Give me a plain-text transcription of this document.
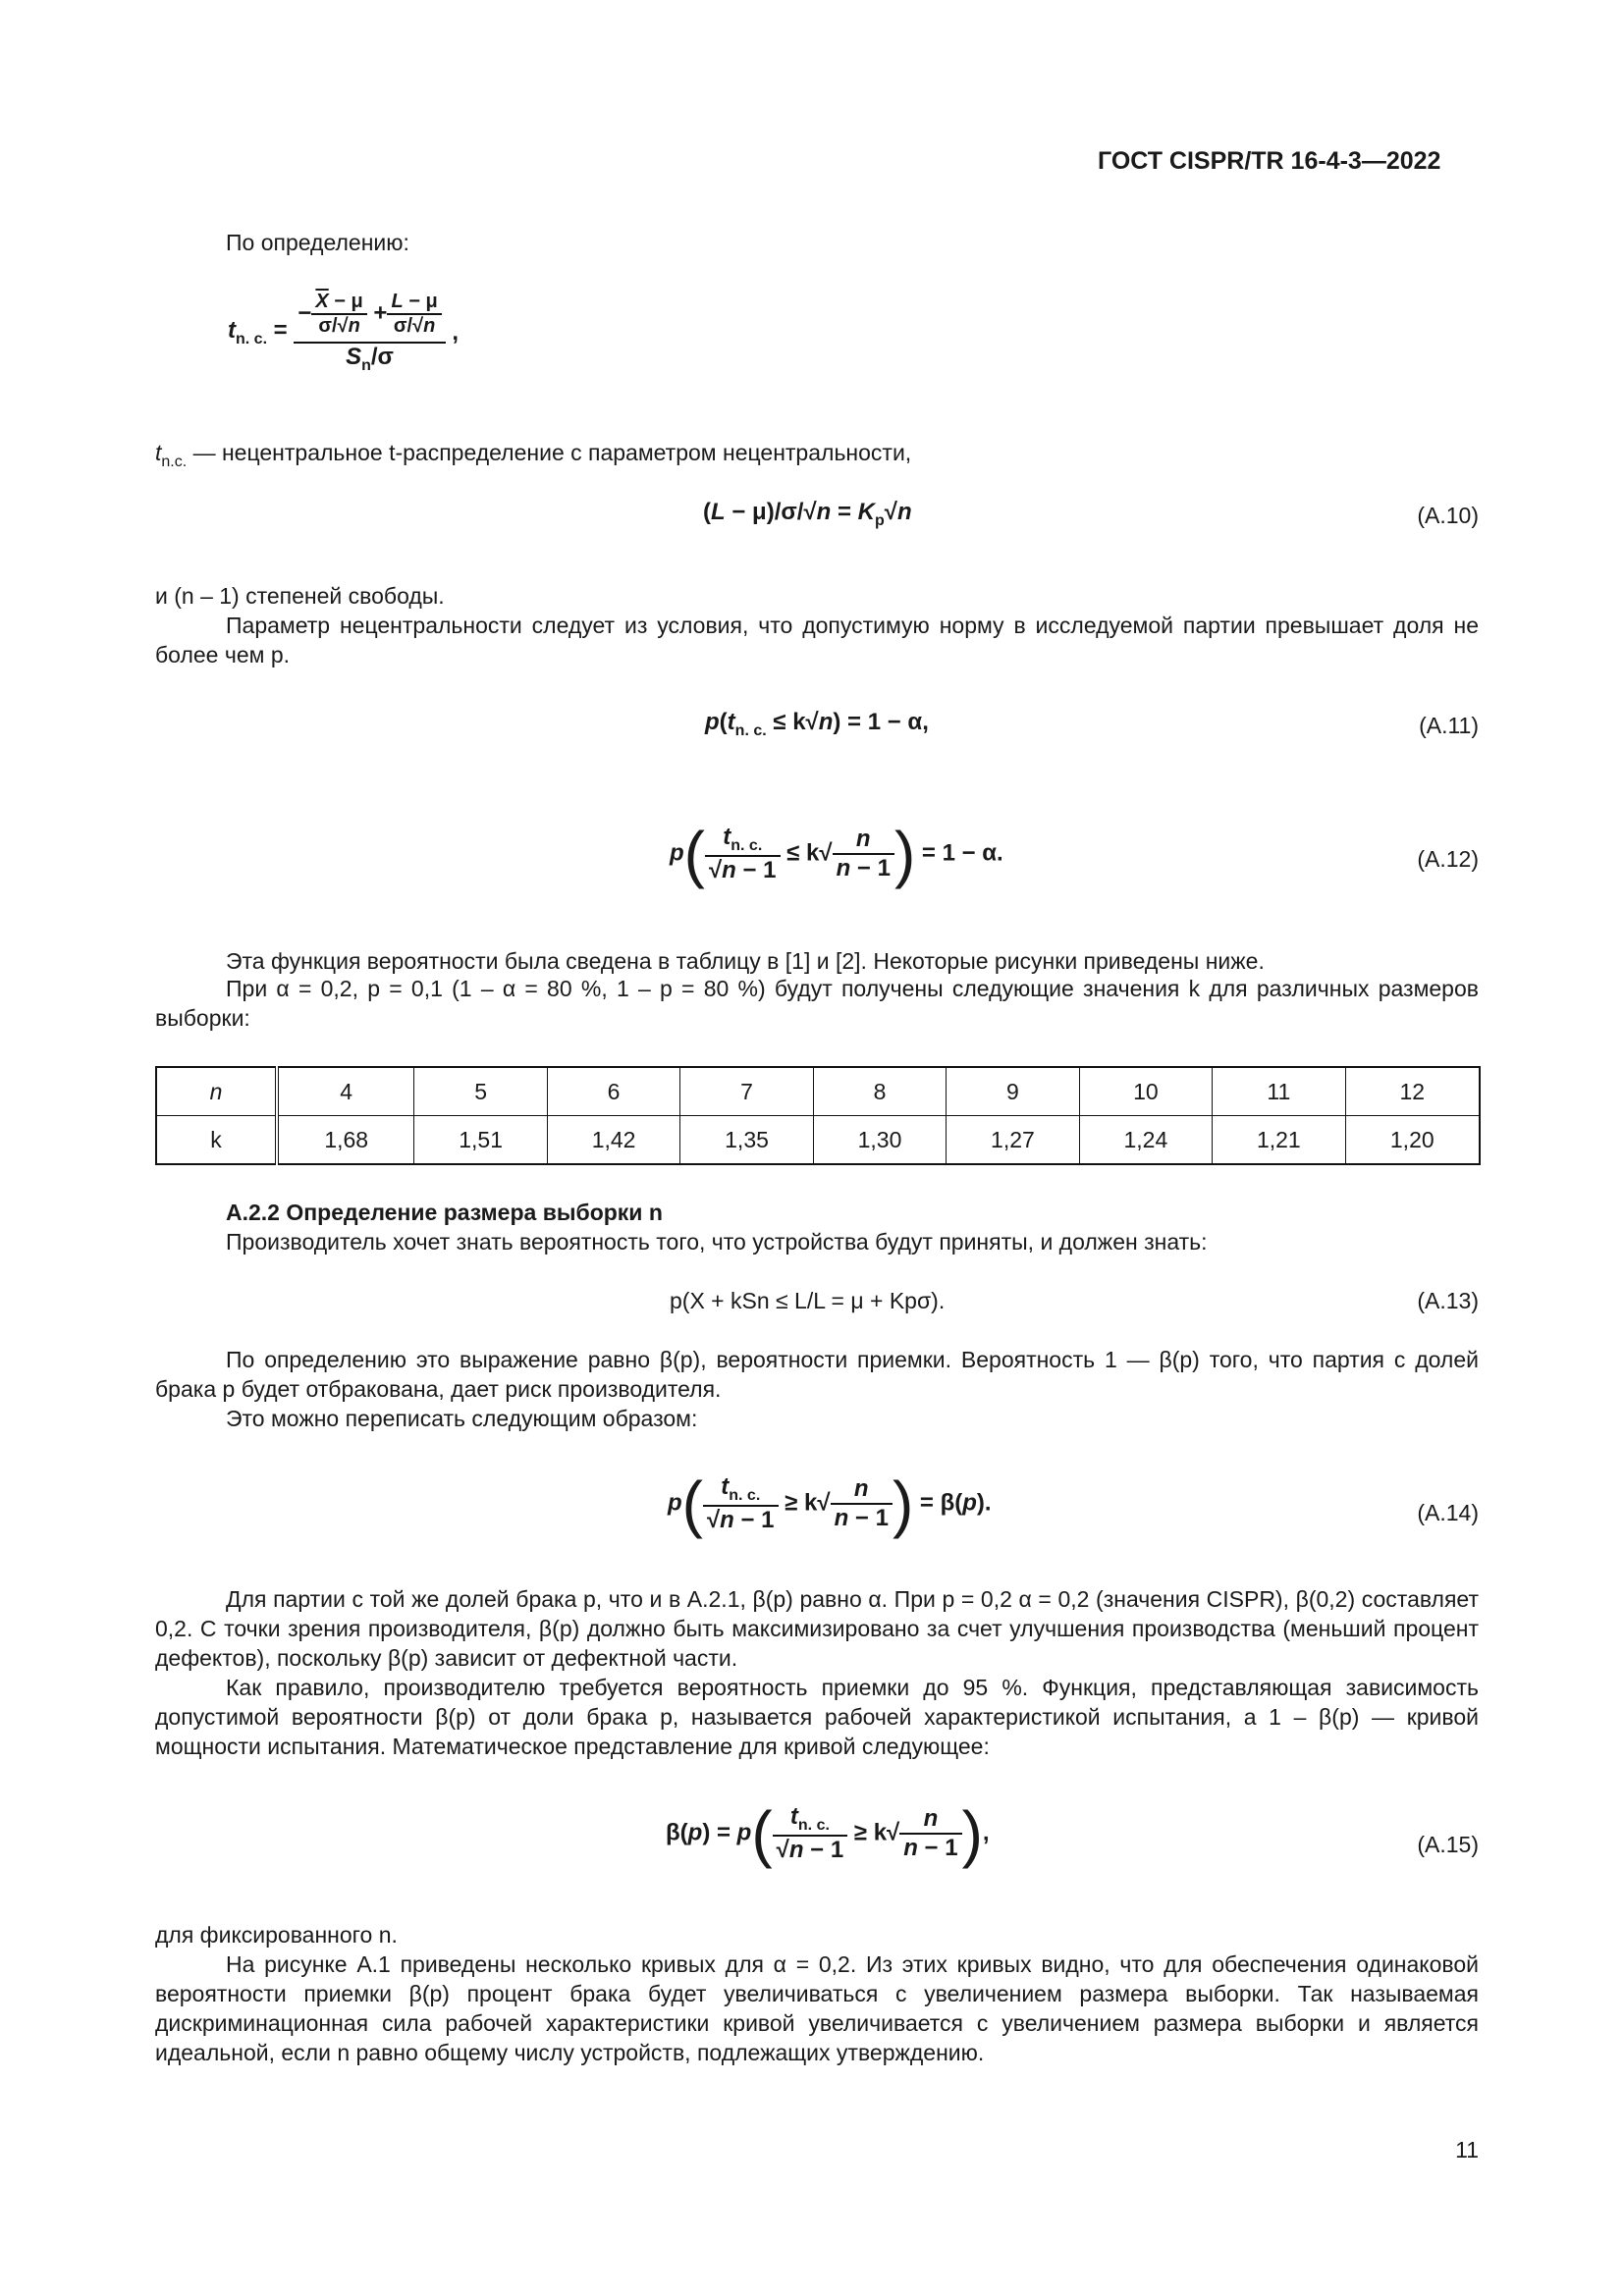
ГОСТ CISPR/TR 16-4-3—2022
По определению:
$t_{n. c.} = \frac{- \frac{\overline{X} - \mu}{\sigma/√n} + \frac{L - \mu}{\sigma/√n}}{S_n/\sigma}$ ,
$t_{n.c.}$ — нецентральное t-распределение с параметром нецентральности,
$(L - \mu)/\sigma/√n = K_p√n$	(A.10)
и (n – 1) степеней свободы.
Параметр нецентральности следует из условия, что допустимую норму в исследуемой партии превышает доля не более чем p.
$p(t_{n. c.} \le k√n) = 1 - \alpha$,	(A.11)
$p( \frac{t_{n. c.}}{√n - 1} \le k√ \frac{n}{n - 1}$ ) = 1 − α.	(A.12)
Эта функция вероятности была сведена в таблицу в [1] и [2]. Некоторые рисунки приведены ниже.
При α = 0,2, p = 0,1 (1 – α = 80 %, 1 – p = 80 %) будут получены следующие значения k для различных размеров выборки:
n	4	5	6	7	8	9	10	11	12
k	1,68	1,51	1,42	1,35	1,30	1,27	1,24	1,21	1,20
А.2.2 Определение размера выборки n
Производитель хочет знать вероятность того, что устройства будут приняты, и должен знать:
p(X + kSn ≤ L/L = μ + Kpσ).	(A.13)
По определению это выражение равно β(p), вероятности приемки. Вероятность 1 — β(p) того, что партия с долей брака p будет отбракована, дает риск производителя.
Это можно переписать следующим образом:
$p( \frac{t_{n. c.}}{√n - 1} \ge k√ \frac{n}{n - 1}$ ) = β(p).	(A.14)
Для партии с той же долей брака p, что и в А.2.1, β(p) равно α. При p = 0,2 α = 0,2 (значения CISPR), β(0,2) составляет 0,2. С точки зрения производителя, β(p) должно быть максимизировано за счет улучшения производства (меньший процент дефектов), поскольку β(p) зависит от дефектной части.
Как правило, производителю требуется вероятность приемки до 95 %. Функция, представляющая зависимость допустимой вероятности β(p) от доли брака p, называется рабочей характеристикой испытания, а 1 – β(p) — кривой мощности испытания. Математическое представление для кривой следующее:
$\beta(p) = p( \frac{t_{n. c.}}{√n - 1} \ge k√ \frac{n}{n - 1}$ ),	(A.15)
для фиксированного n.
На рисунке А.1 приведены несколько кривых для α = 0,2. Из этих кривых видно, что для обеспечения одинаковой вероятности приемки β(p) процент брака будет увеличиваться с увеличением размера выборки. Так называемая дискриминационная сила рабочей характеристики кривой увеличивается с увеличением размера выборки и является идеальной, если n равно общему числу устройств, подлежащих утверждению.
11
